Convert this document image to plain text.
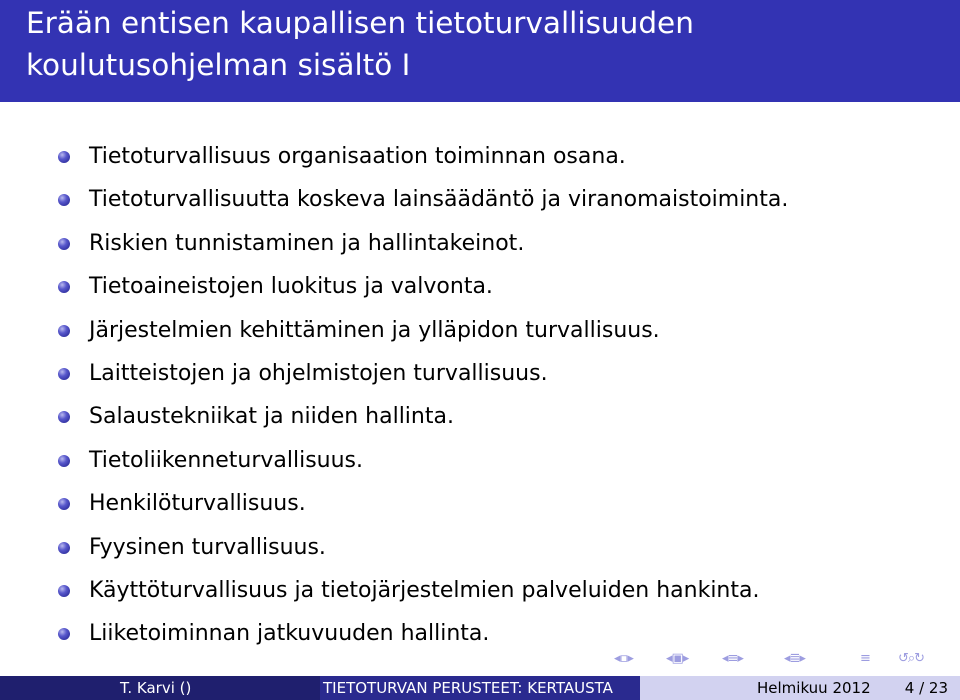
Erään entisen kaupallisen tietoturvallisuuden koulutusohjelman sisältö I
Tietoturvallisuus organisaation toiminnan osana.
Tietoturvallisuutta koskeva lainsäädäntö ja viranomaistoiminta.
Riskien tunnistaminen ja hallintakeinot.
Tietoaineistojen luokitus ja valvonta.
Järjestelmien kehittäminen ja ylläpidon turvallisuus.
Laitteistojen ja ohjelmistojen turvallisuus.
Salaustekniikat ja niiden hallinta.
Tietoliikenneturvallisuus.
Henkilöturvallisuus.
Fyysinen turvallisuus.
Käyttöturvallisuus ja tietojärjestelmien palveluiden hankinta.
Liiketoiminnan jatkuvuuden hallinta.
◂▫▸	◂▣▸	◂≡▸	◂≣▸	≡ ↺⌕↻
T. Karvi ()	TIETOTURVAN PERUSTEET: KERTAUSTA	Helmikuu 2012 4 / 23
